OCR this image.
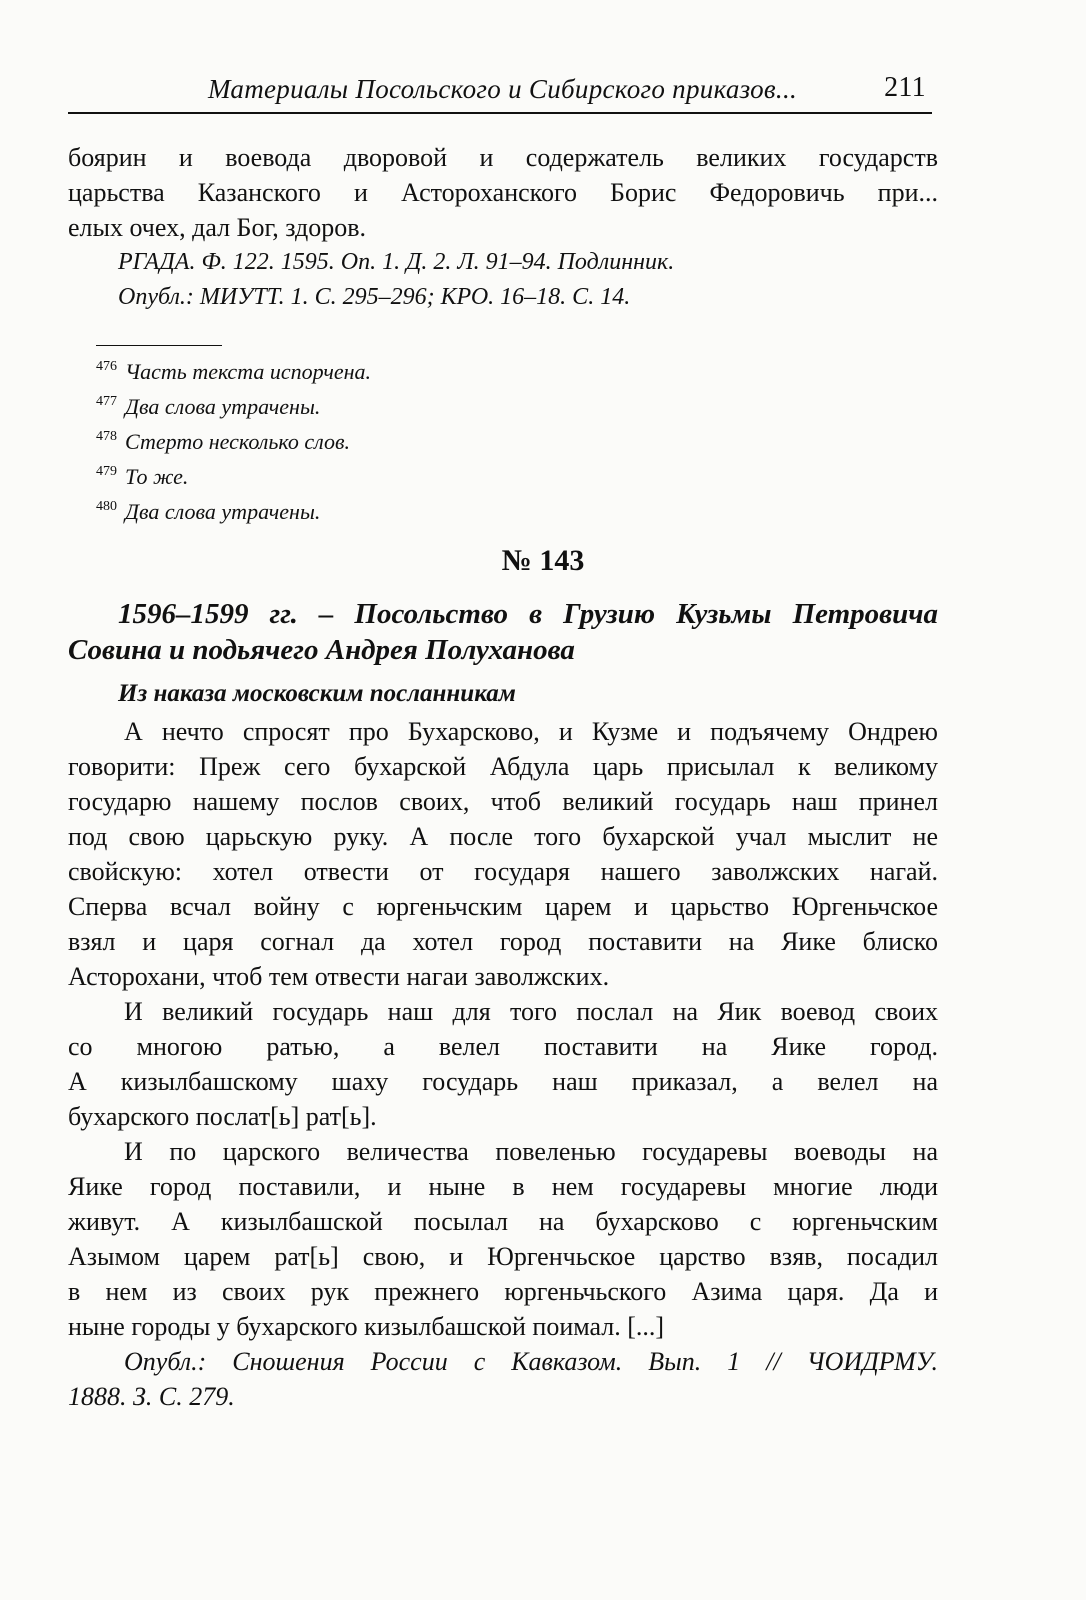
Материалы Посольского и Сибирского приказов...	211
боярин и воевода дворовой и содержатель великих государств
царьства Казанского и Астороханского Борис Федоровичь при...
елых очех, дал Бог, здоров.
РГАДА. Ф. 122. 1595. Оп. 1. Д. 2. Л. 91–94. Подлинник.
Опубл.: МИУТТ. 1. С. 295–296; КРО. 16–18. С. 14.
$^{476}$ Часть текста испорчена.
$^{477}$ Два слова утрачены.
$^{478}$ Стерто несколько слов.
$^{479}$ То же.
$^{480}$ Два слова утрачены.
№ 143
1596–1599 гг. – Посольство в Грузию Кузьмы Петровича
Совина и подьячего Андрея Полуханова
Из наказа московским посланникам
А нечто спросят про Бухарсково, и Кузме и подъячему Ондрею
говорити: Преж сего бухарской Абдула царь присылал к великому
государю нашему послов своих, чтоб великий государь наш принел
под свою царьскую руку. А после того бухарской учал мыслит не
свойскую: хотел отвести от государя нашего заволжских нагай.
Сперва всчал войну с юргеньчским царем и царьство Юргеньчское
взял и царя согнал да хотел город поставити на Яике блиско
Асторохани, чтоб тем отвести нагаи заволжских.
И великий государь наш для того послал на Яик воевод своих
со многою ратью, а велел поставити на Яике город.
А кизылбашскому шаху государь наш приказал, а велел на
бухарского послат[ь] рат[ь].
И по царского величества повеленью государевы воеводы на
Яике город поставили, и ныне в нем государевы многие люди
живут. А кизылбашской посылал на бухарсково с юргеньчским
Азымом царем рат[ь] свою, и Юргенчьское царство взяв, посадил
в нем из своих рук прежнего юргеньчьского Азима царя. Да и
ныне городы у бухарского кизылбашской поимал. [...]
Опубл.: Сношения России с Кавказом. Вып. 1 // ЧОИДРМУ.
1888. З. С. 279.
